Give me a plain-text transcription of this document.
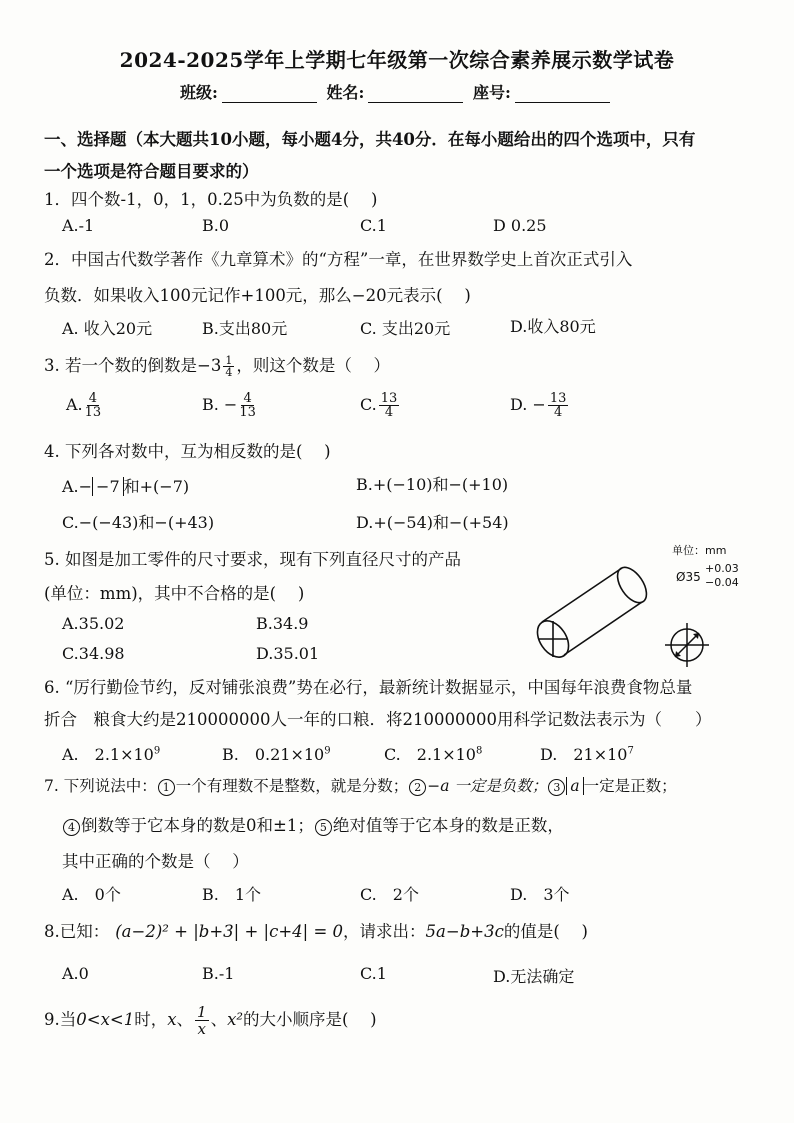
2024-2025学年上学期七年级第一次综合素养展示数学试卷
班级:	姓名:	座号:
一、选择题（本大题共10小题，每小题4分，共40分．在每小题给出的四个选项中，只有
一个选项是符合题目要求的）
1．四个数-1，0，1，0.25中为负数的是(　 )
A.-1	B.0	C.1	D 0.25
2．中国古代数学著作《九章算术》的“方程”一章，在世界数学史上首次正式引入
负数．如果收入100元记作+100元，那么−20元表示(　 )
A. 收入20元	B.支出80元	C. 支出20元	D.收入80元
3. 若一个数的倒数是$-3 \frac{1}{4}$ ，则这个数是（　 ）
A. $\frac{4}{13}$	B. − $\frac{4}{13}$	C. $\frac{13}{4}$	D. − $\frac{13}{4}$
4. 下列各对数中，互为相反数的是(　 )
A.− −7 和+(−7)	B.+(−10)和−(+10)
C.−(−43)和−(+43)	D.+(−54)和−(+54)
5. 如图是加工零件的尺寸要求，现有下列直径尺寸的产品
(单位：mm)，其中不合格的是(　 )
A.35.02	B.34.9
C.34.98	D.35.01
单位：mm
Ø35
+0.03
−0.04
6. “厉行勤俭节约，反对铺张浪费”势在必行，最新统计数据显示，中国每年浪费食物总量
折合　粮食大约是210000000人一年的口粮．将210000000用科学记数法表示为（　　）
A.　$2.1\times 10^9$	B.　$0.21\times 10^9$	C.　$2.1\times 10^8$	D.　$21\times 10^7$
7. 下列说法中： 1 一个有理数不是整数，就是分数； 2 −a 一定是负数； 3 a 一定是正数；
4 倒数等于它本身的数是0和±1； 5 绝对值等于它本身的数是正数，
其中正确的个数是（　 ）
A.　0个	B.　1个	C.　2个	D.　3个
8.已知： (a−2)² + |b+3| + |c+4| = 0，请求出：5a−b+3c的值是(　 )
A.0	B.-1	C.1	D.无法确定
9.当0<x<1时，x、 $\frac{1}{x}$ 、x²的大小顺序是(　 )
